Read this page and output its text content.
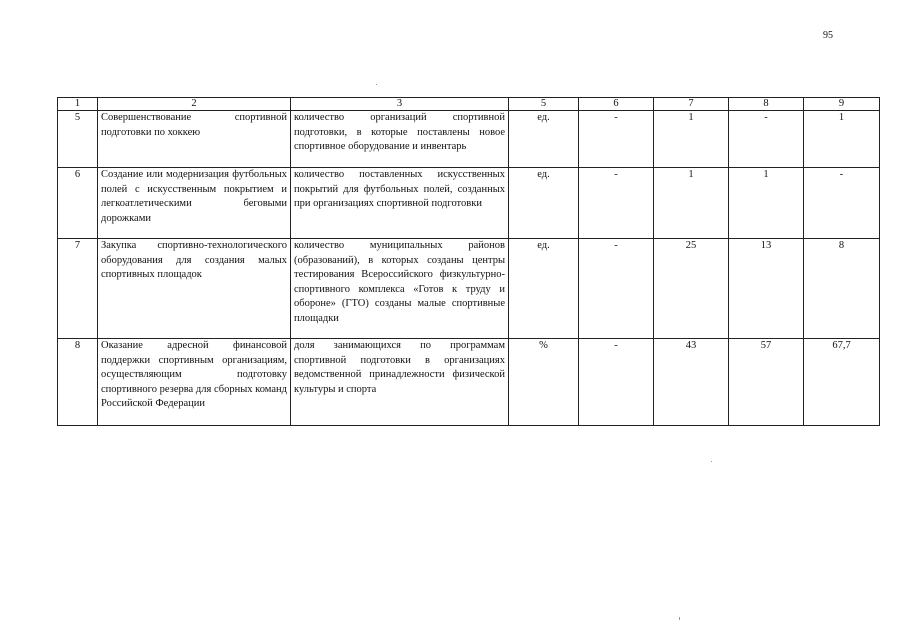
95
1	2	3	5	6	7	8	9
5	Совершенствование спортивной подготовки по хоккею	количество организаций спортивной подготовки, в которые поставлены новое спортивное оборудование и инвентарь	ед.	-	1	-	1
6	Создание или модернизация футбольных полей с искусственным покрытием и легкоатлетическими беговыми дорожками	количество поставленных искусственных покрытий для футбольных полей, созданных при организациях спортивной подготовки	ед.	-	1	1	-
7	Закупка спортивно-технологического оборудования для создания малых спортивных площадок	количество муниципальных районов (образований), в которых созданы центры тестирования Всероссийского физкультурно-спортивного комплекса «Готов к труду и обороне» (ГТО) созданы малые спортивные площадки	ед.	-	25	13	8
8	Оказание адресной финансовой поддержки спортивным организациям, осуществляющим подготовку спортивного резерва для сборных команд Российской Федерации	доля занимающихся по программам спортивной подготовки в организациях ведомственной принадлежности физической культуры и спорта	%	-	43	57	67,7
